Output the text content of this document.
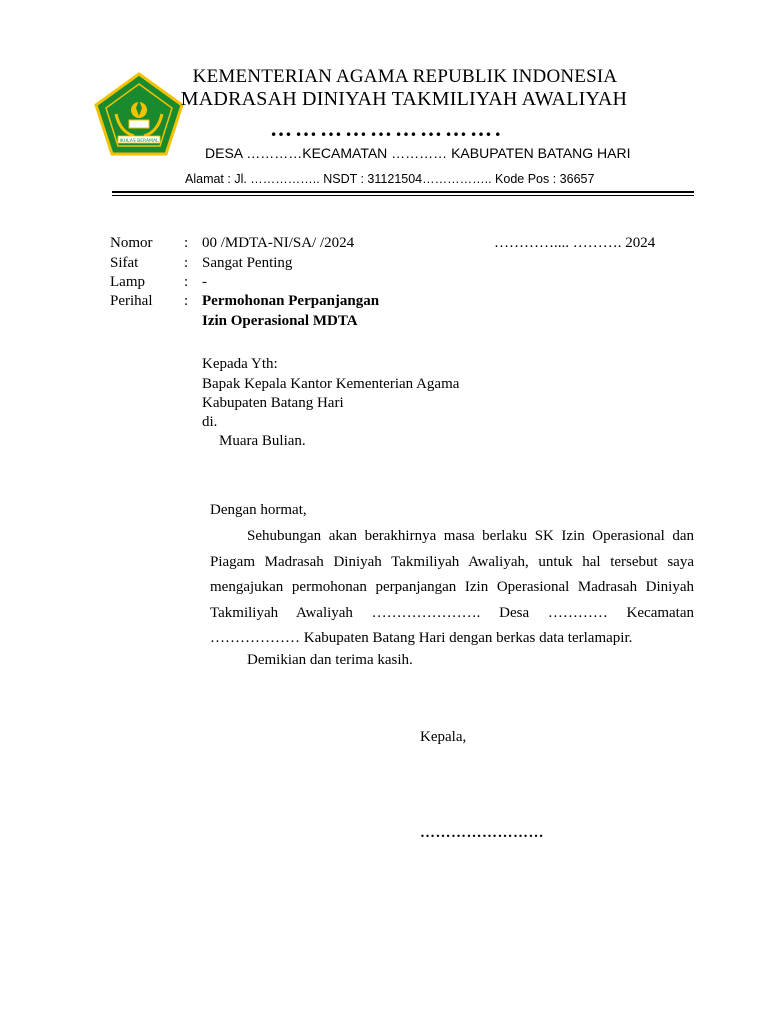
IKHLAS BERAMAL
KEMENTERIAN AGAMA REPUBLIK INDONESIA
MADRASAH DINIYAH TAKMILIYAH AWALIYAH
……………………….
DESA …………KECAMATAN ………… KABUPATEN BATANG HARI
Alamat : Jl. …………….. NSDT : 31121504…………….. Kode Pos : 36657
Nomor : 00 /MDTA-NI/SA/ /2024
Sifat	: Sangat Penting
Lamp	: -
Perihal : Permohonan Perpanjangan
Izin Operasional MDTA
………….... ………. 2024
Kepada Yth:
Bapak Kepala Kantor Kementerian Agama
Kabupaten Batang Hari
di.
Muara Bulian.
Dengan hormat,
Sehubungan akan berakhirnya masa berlaku SK Izin Operasional dan
Piagam Madrasah Diniyah Takmiliyah Awaliyah, untuk hal tersebut saya
mengajukan permohonan perpanjangan Izin Operasional Madrasah Diniyah
Takmiliyah Awaliyah …………………. Desa ………… Kecamatan
……………… Kabupaten Batang Hari dengan berkas data terlamapir.
Demikian dan terima kasih.
Kepala,
……………………
